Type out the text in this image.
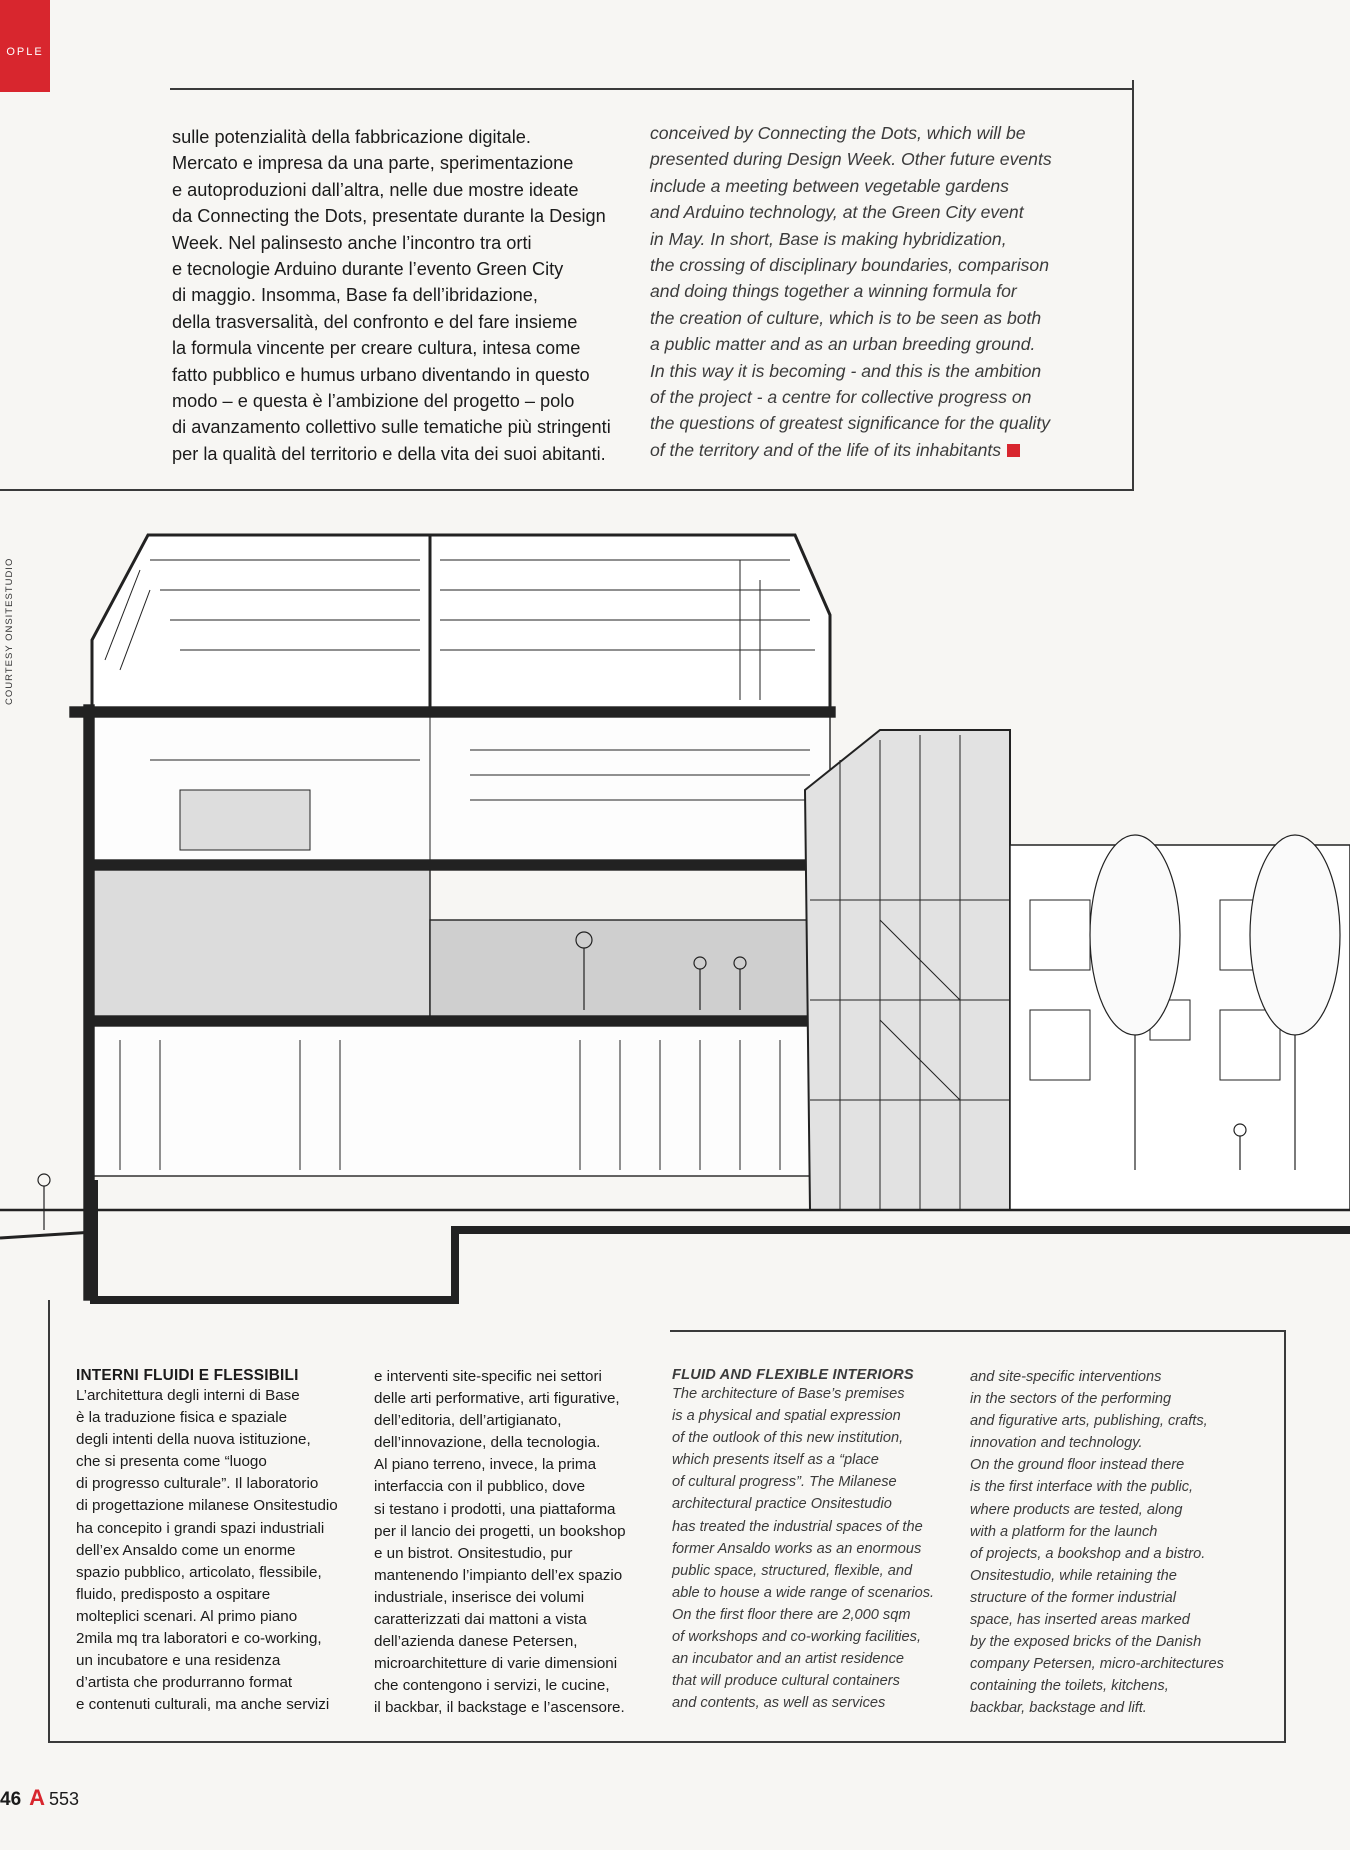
OPLE
sulle potenzialità della fabbricazione digitale.
Mercato e impresa da una parte, sperimentazione
e autoproduzioni dall’altra, nelle due mostre ideate
da Connecting the Dots, presentate durante la Design
Week. Nel palinsesto anche l’incontro tra orti
e tecnologie Arduino durante l’evento Green City
di maggio. Insomma, Base fa dell’ibridazione,
della trasversalità, del confronto e del fare insieme
la formula vincente per creare cultura, intesa come
fatto pubblico e humus urbano diventando in questo
modo – e questa è l’ambizione del progetto – polo
di avanzamento collettivo sulle tematiche più stringenti
per la qualità del territorio e della vita dei suoi abitanti.
conceived by Connecting the Dots, which will be
presented during Design Week. Other future events
include a meeting between vegetable gardens
and Arduino technology, at the Green City event
in May. In short, Base is making hybridization,
the crossing of disciplinary boundaries, comparison
and doing things together a winning formula for
the creation of culture, which is to be seen as both
a public matter and as an urban breeding ground.
In this way it is becoming - and this is the ambition
of the project - a centre for collective progress on
the questions of greatest significance for the quality
of the territory and of the life of its inhabitants
COURTESY ONSITESTUDIO
INTERNI FLUIDI E FLESSIBILI
L’architettura degli interni di Base
è la traduzione fisica e spaziale
degli intenti della nuova istituzione,
che si presenta come “luogo
di progresso culturale”. Il laboratorio
di progettazione milanese Onsitestudio
ha concepito i grandi spazi industriali
dell’ex Ansaldo come un enorme
spazio pubblico, articolato, flessibile,
fluido, predisposto a ospitare
molteplici scenari. Al primo piano
2mila mq tra laboratori e co-working,
un incubatore e una residenza
d’artista che produrranno format
e contenuti culturali, ma anche servizi
e interventi site-specific nei settori
delle arti performative, arti figurative,
dell’editoria, dell’artigianato,
dell’innovazione, della tecnologia.
Al piano terreno, invece, la prima
interfaccia con il pubblico, dove
si testano i prodotti, una piattaforma
per il lancio dei progetti, un bookshop
e un bistrot. Onsitestudio, pur
mantenendo l’impianto dell’ex spazio
industriale, inserisce dei volumi
caratterizzati dai mattoni a vista
dell’azienda danese Petersen,
microarchitetture di varie dimensioni
che contengono i servizi, le cucine,
il backbar, il backstage e l’ascensore.
FLUID AND FLEXIBLE INTERIORS
The architecture of Base’s premises
is a physical and spatial expression
of the outlook of this new institution,
which presents itself as a “place
of cultural progress”. The Milanese
architectural practice Onsitestudio
has treated the industrial spaces of the
former Ansaldo works as an enormous
public space, structured, flexible, and
able to house a wide range of scenarios.
On the first floor there are 2,000 sqm
of workshops and co-working facilities,
an incubator and an artist residence
that will produce cultural containers
and contents, as well as services
and site-specific interventions
in the sectors of the performing
and figurative arts, publishing, crafts,
innovation and technology.
On the ground floor instead there
is the first interface with the public,
where products are tested, along
with a platform for the launch
of projects, a bookshop and a bistro.
Onsitestudio, while retaining the
structure of the former industrial
space, has inserted areas marked
by the exposed bricks of the Danish
company Petersen, micro-architectures
containing the toilets, kitchens,
backbar, backstage and lift.
46 A 553
